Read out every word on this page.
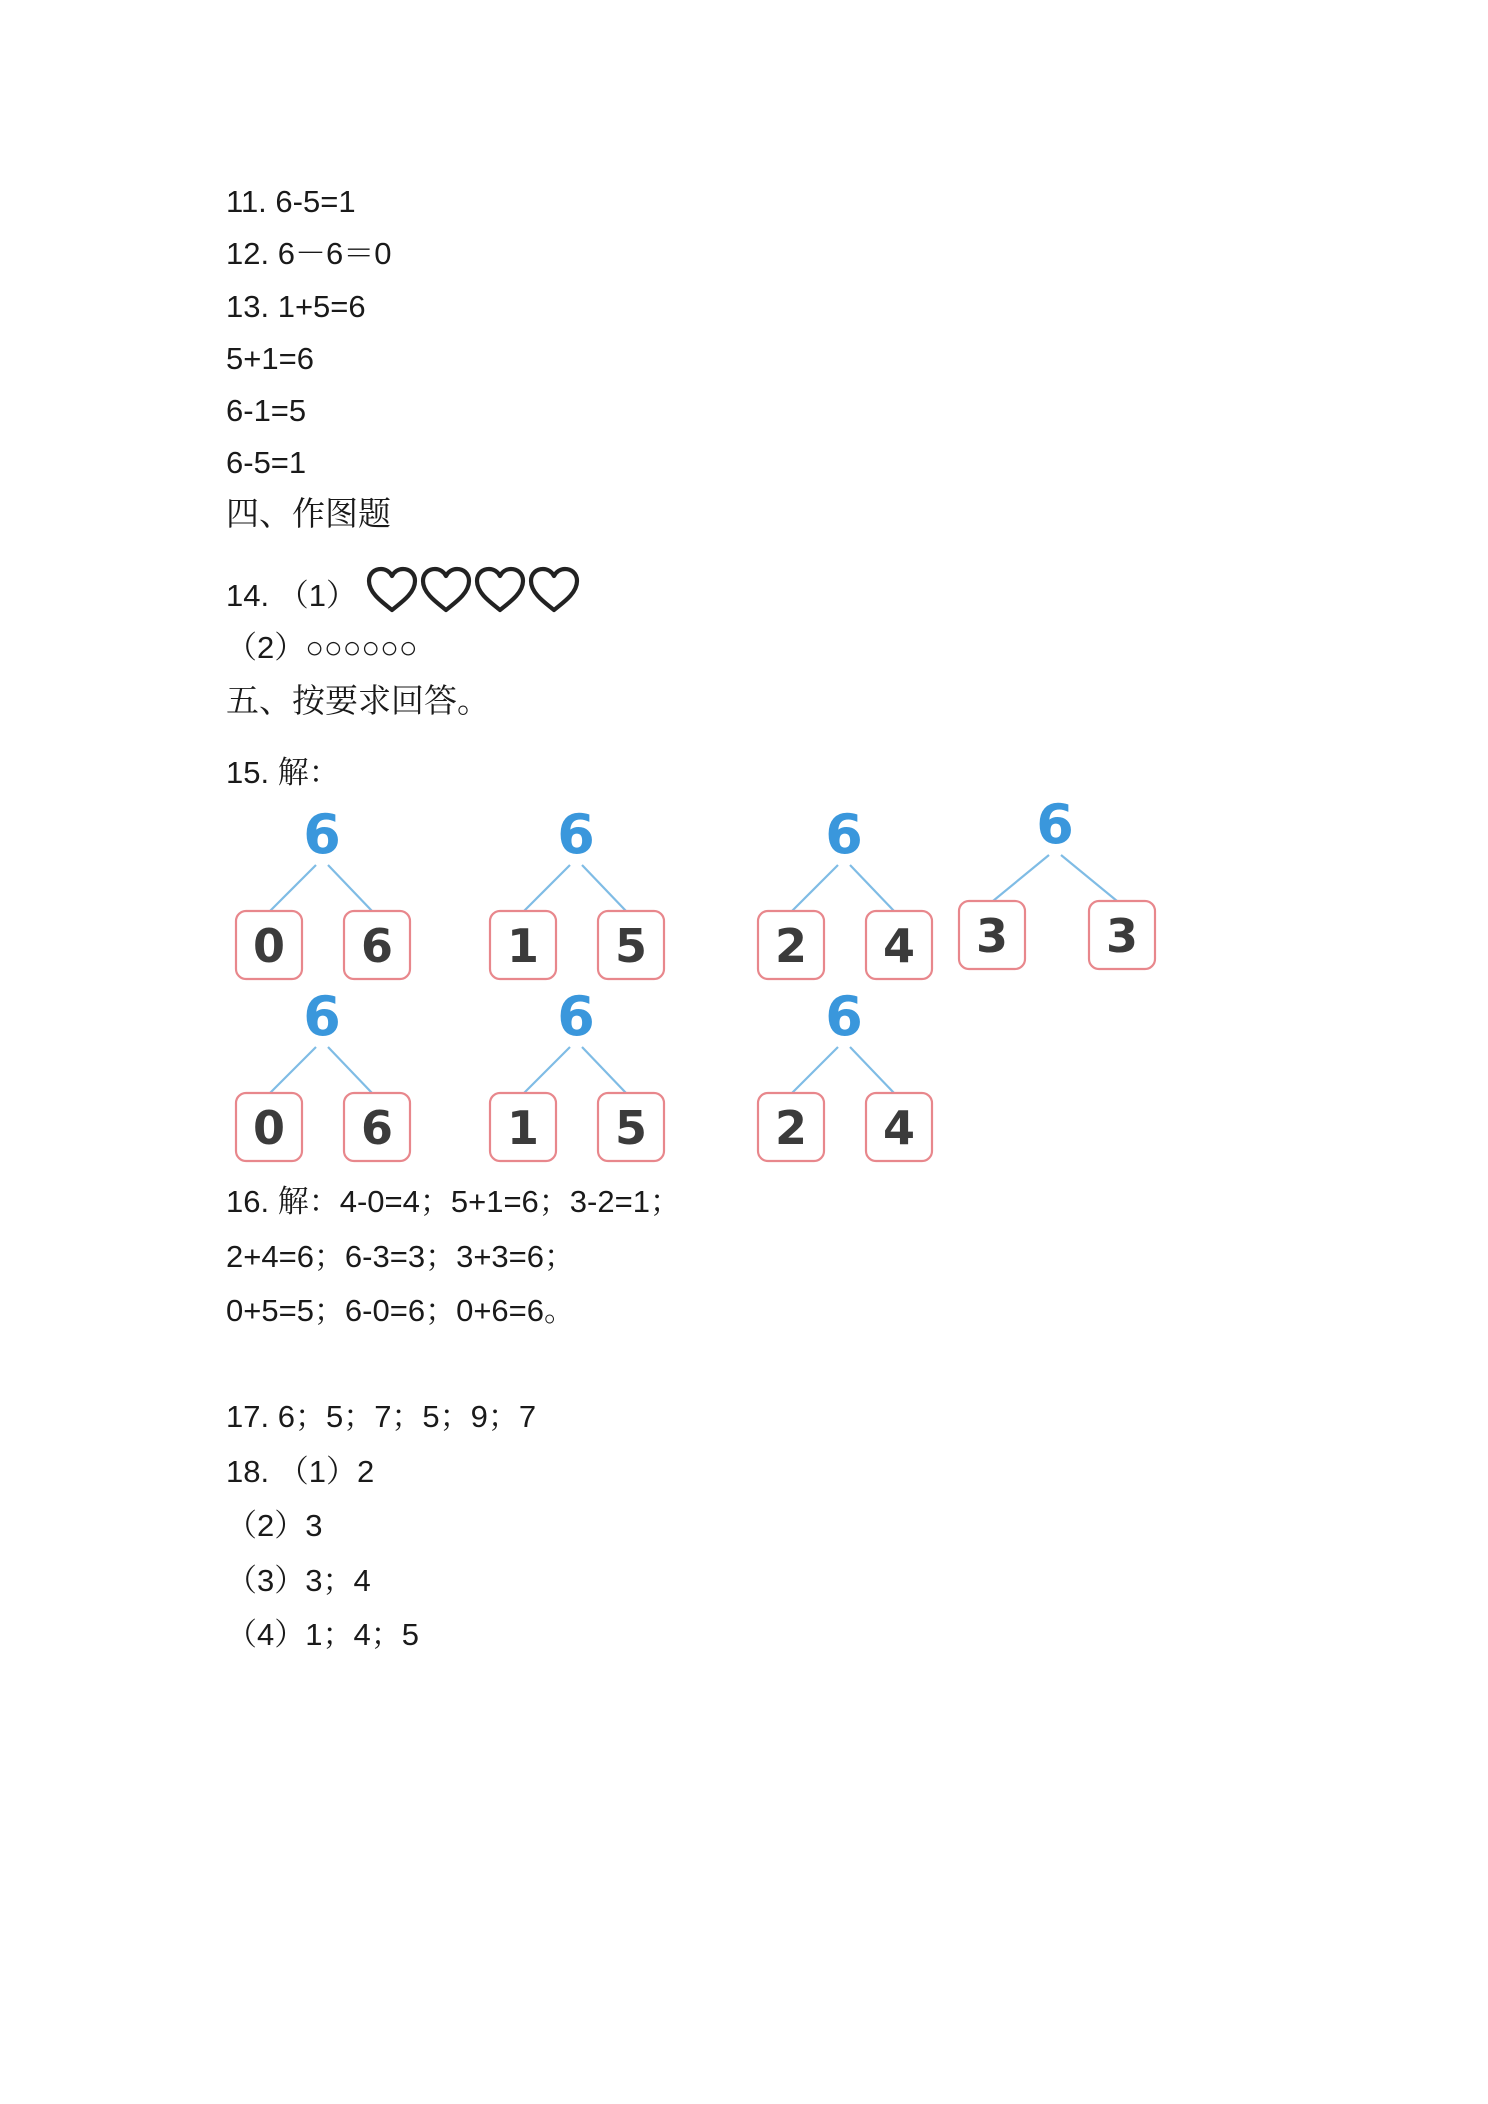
11. 6-5=1
12. 6－6＝0
13. 1+5=6
5+1=6
6-1=5
6-5=1
四、作图题
14. （1）
（2）○○○○○○
五、按要求回答。
15. 解：
6
0 6
6
1 5
6
2 4
6
3 3
6
0 6
6
1 5
6
2 4
16. 解：4-0=4；5+1=6；3-2=1；
2+4=6；6-3=3；3+3=6；
0+5=5；6-0=6；0+6=6。
17. 6；5；7；5；9；7
18. （1）2
（2）3
（3）3；4
（4）1；4；5
